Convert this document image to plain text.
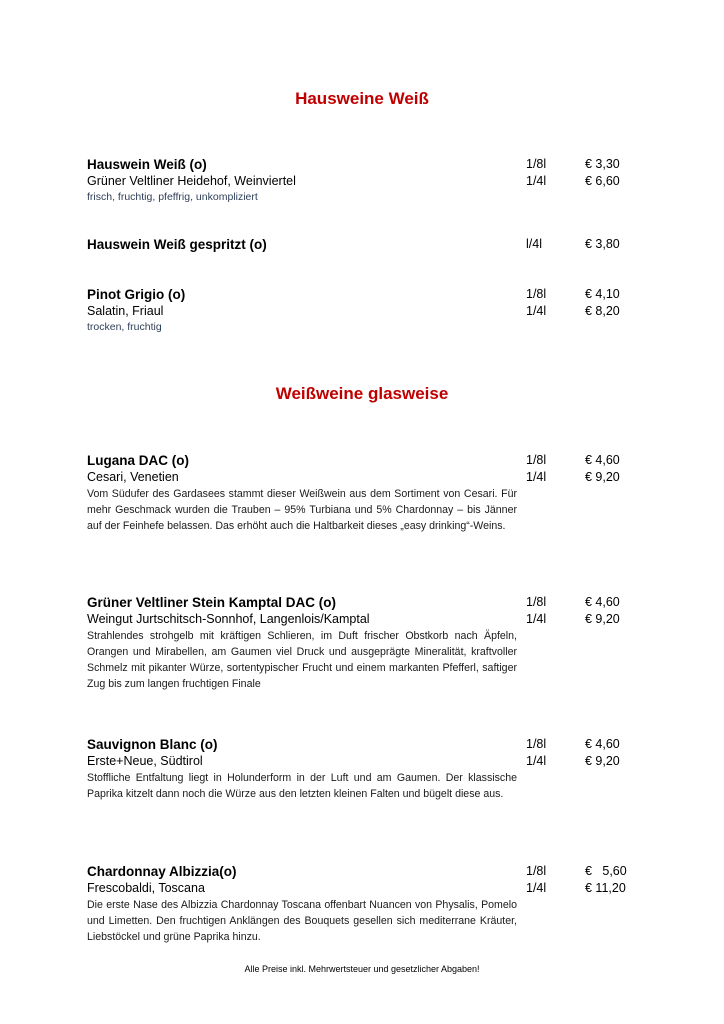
Hausweine Weiß
Hauswein Weiß (o)
Grüner Veltliner Heidehof, Weinviertel
frisch, fruchtig, pfeffrig, unkompliziert
1/8l	€ 3,30
1/4l	€ 6,60
Hauswein Weiß gespritzt (o)	l/4l	€ 3,80
Pinot Grigio (o)
Salatin, Friaul
trocken, fruchtig
1/8l	€ 4,10
1/4l	€ 8,20
Weißweine glasweise
Lugana DAC (o)
Cesari, Venetien
Vom Südufer des Gardasees stammt dieser Weißwein aus dem Sortiment von Cesari. Für mehr Geschmack wurden die Trauben – 95% Turbiana und 5% Chardonnay – bis Jänner auf der Feinhefe belassen. Das erhöht auch die Haltbarkeit dieses „easy drinking“-Weins.
1/8l	€ 4,60
1/4l	€ 9,20
Grüner Veltliner Stein Kamptal DAC (o)
Weingut Jurtschitsch-Sonnhof, Langenlois/Kamptal
Strahlendes strohgelb mit kräftigen Schlieren, im Duft frischer Obstkorb nach Äpfeln, Orangen und Mirabellen, am Gaumen viel Druck und ausgeprägte Mineralität, kraftvoller Schmelz mit pikanter Würze, sortentypischer Frucht und einem markanten Pfefferl, saftiger Zug bis zum langen fruchtigen Finale
1/8l	€ 4,60
1/4l	€ 9,20
Sauvignon Blanc (o)
Erste+Neue, Südtirol
Stoffliche Entfaltung liegt in Holunderform in der Luft und am Gaumen. Der klassische Paprika kitzelt dann noch die Würze aus den letzten kleinen Falten und bügelt diese aus.
1/8l	€ 4,60
1/4l	€ 9,20
Chardonnay Albizzia(o)
Frescobaldi, Toscana
Die erste Nase des Albizzia Chardonnay Toscana offenbart Nuancen von Physalis, Pomelo und Limetten. Den fruchtigen Anklängen des Bouquets gesellen sich mediterrane Kräuter, Liebstöckel und grüne Paprika hinzu.
1/8l	€   5,60
1/4l	€ 11,20
Alle Preise inkl. Mehrwertsteuer und gesetzlicher Abgaben!
